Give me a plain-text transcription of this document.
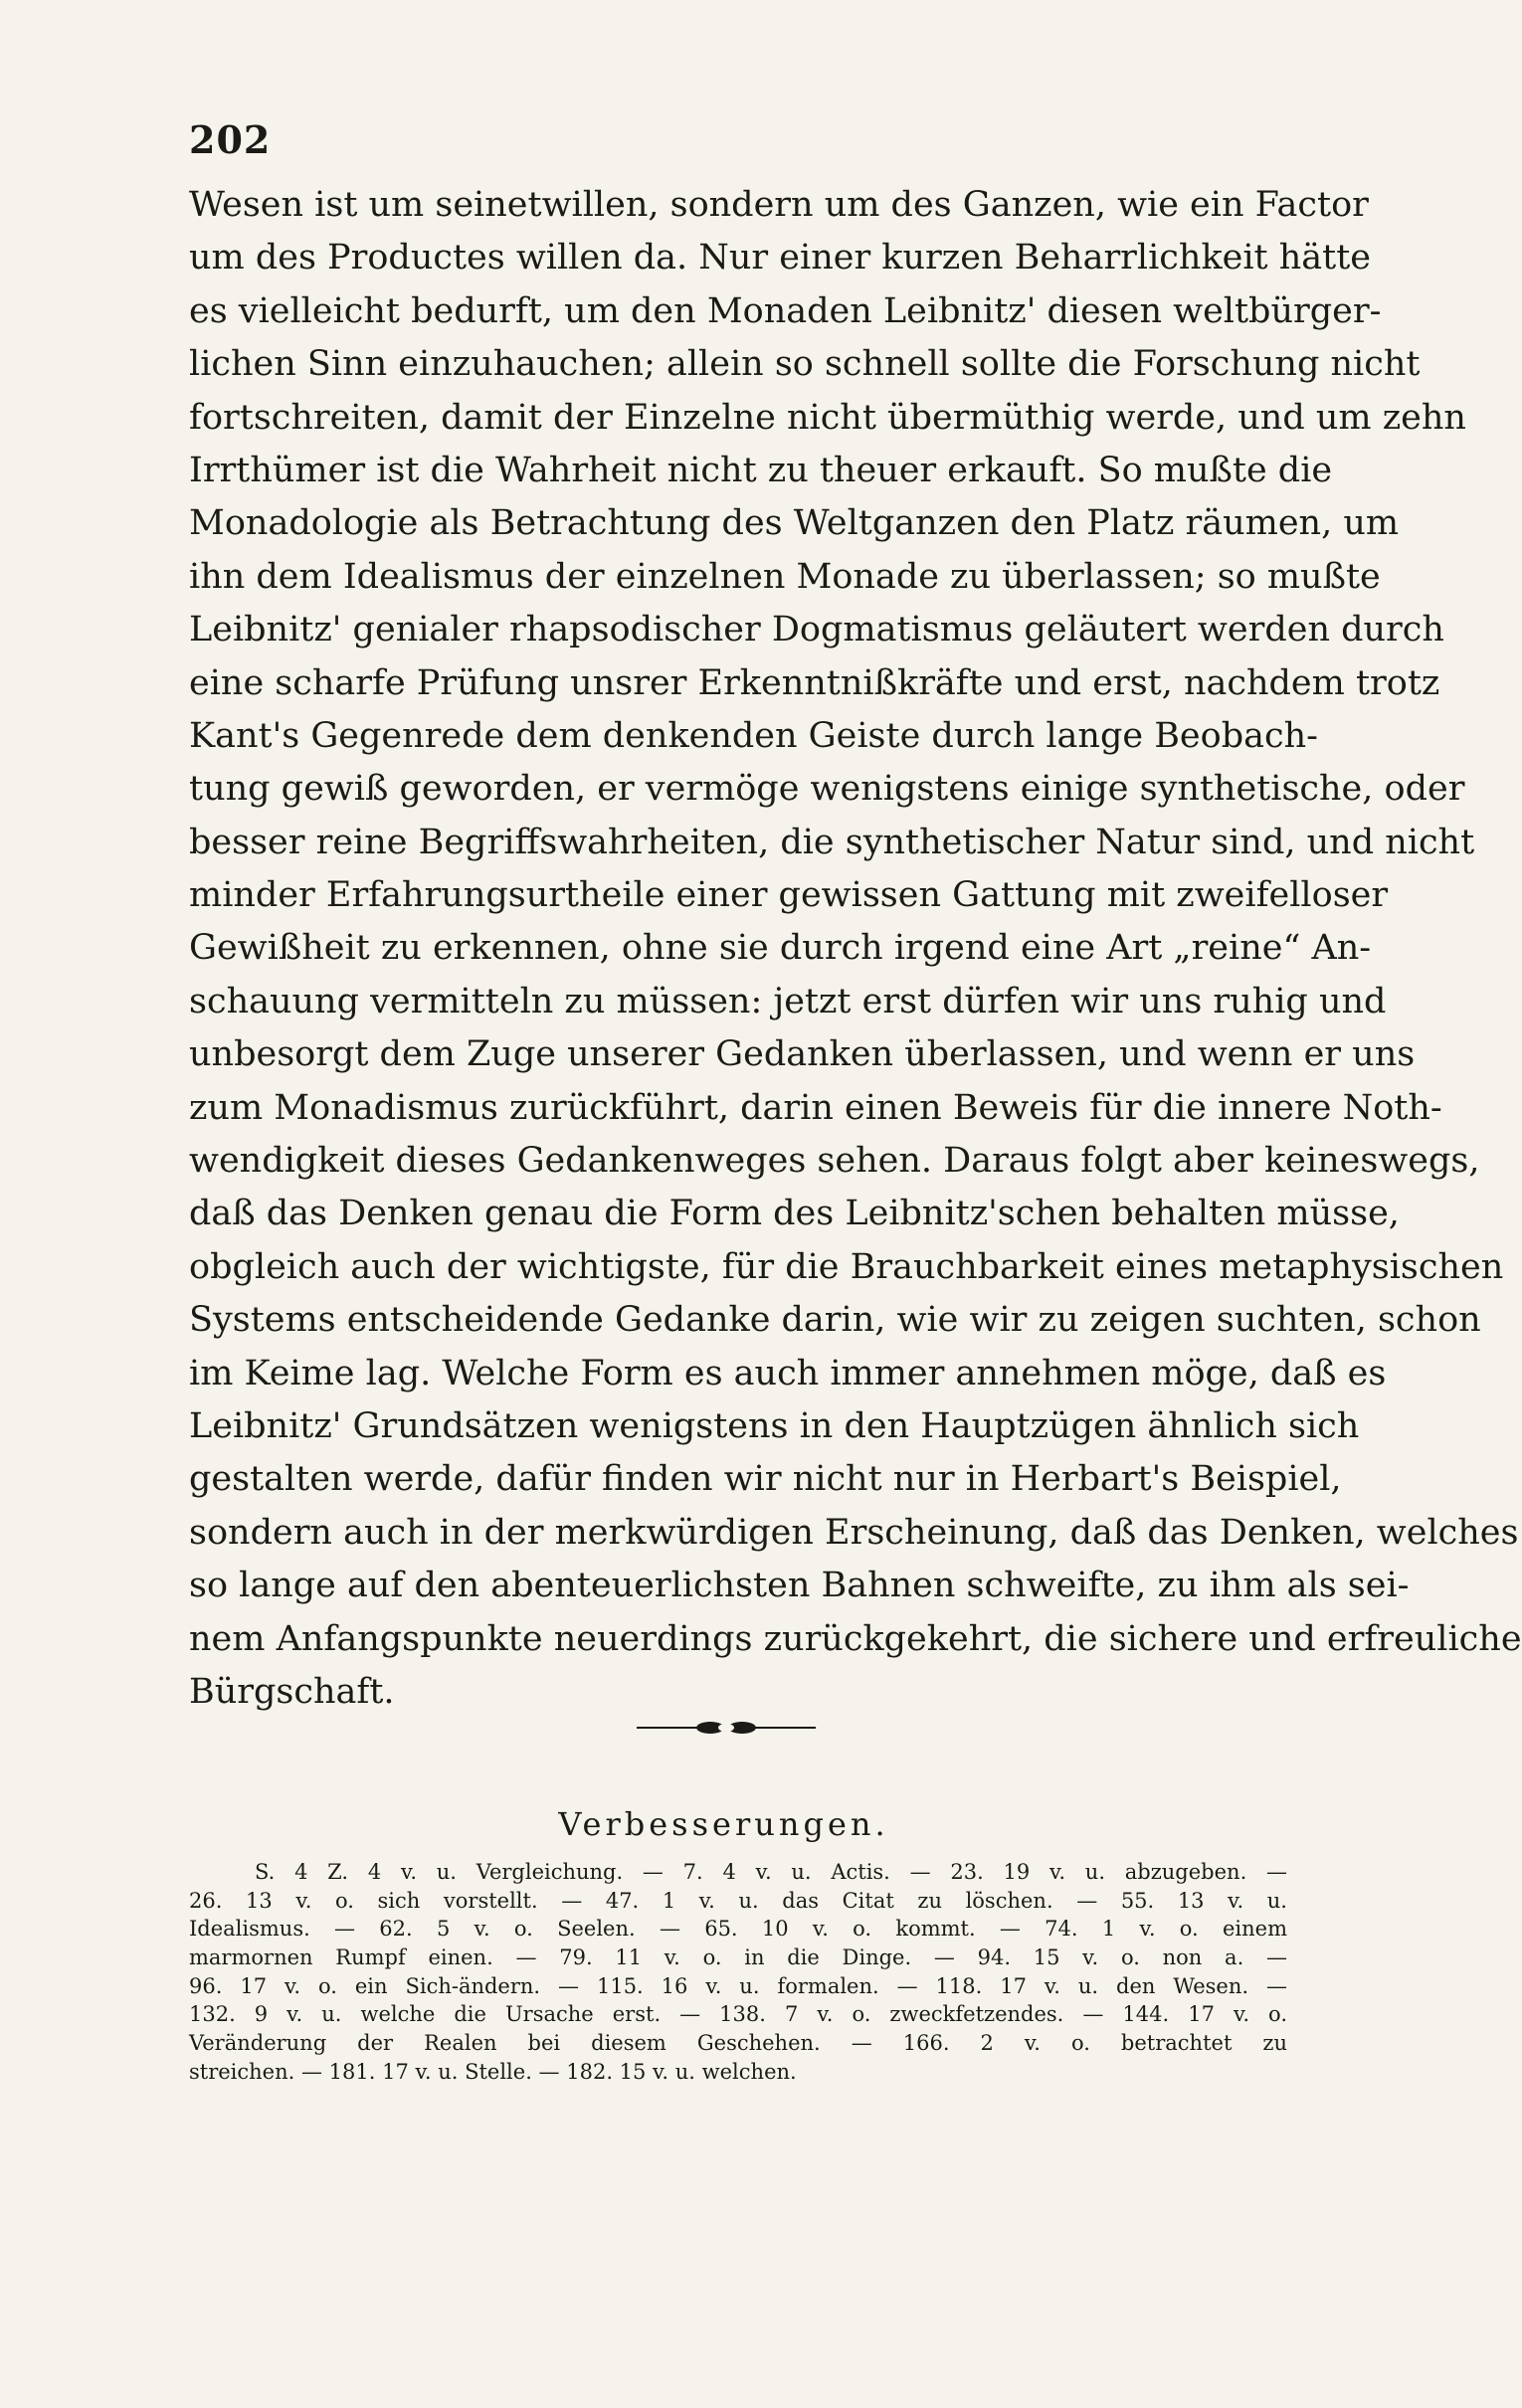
202
Wesen ist um seinetwillen, sondern um des Ganzen, wie ein Factor
um des Productes willen da. Nur einer kurzen Beharrlichkeit hätte
es vielleicht bedurft, um den Monaden Leibnitz' diesen weltbürger-
lichen Sinn einzuhauchen; allein so schnell sollte die Forschung nicht
fortschreiten, damit der Einzelne nicht übermüthig werde, und um zehn
Irrthümer ist die Wahrheit nicht zu theuer erkauft. So mußte die
Monadologie als Betrachtung des Weltganzen den Platz räumen, um
ihn dem Idealismus der einzelnen Monade zu überlassen; so mußte
Leibnitz' genialer rhapsodischer Dogmatismus geläutert werden durch
eine scharfe Prüfung unsrer Erkenntnißkräfte und erst, nachdem trotz
Kant's Gegenrede dem denkenden Geiste durch lange Beobach-
tung gewiß geworden, er vermöge wenigstens einige synthetische, oder
besser reine Begriffswahrheiten, die synthetischer Natur sind, und nicht
minder Erfahrungsurtheile einer gewissen Gattung mit zweifelloser
Gewißheit zu erkennen, ohne sie durch irgend eine Art „reine“ An-
schauung vermitteln zu müssen: jetzt erst dürfen wir uns ruhig und
unbesorgt dem Zuge unserer Gedanken überlassen, und wenn er uns
zum Monadismus zurückführt, darin einen Beweis für die innere Noth-
wendigkeit dieses Gedankenweges sehen. Daraus folgt aber keineswegs,
daß das Denken genau die Form des Leibnitz'schen behalten müsse,
obgleich auch der wichtigste, für die Brauchbarkeit eines metaphysischen
Systems entscheidende Gedanke darin, wie wir zu zeigen suchten, schon
im Keime lag. Welche Form es auch immer annehmen möge, daß es
Leibnitz' Grundsätzen wenigstens in den Hauptzügen ähnlich sich
gestalten werde, dafür finden wir nicht nur in Herbart's Beispiel,
sondern auch in der merkwürdigen Erscheinung, daß das Denken, welches
so lange auf den abenteuerlichsten Bahnen schweifte, zu ihm als sei-
nem Anfangspunkte neuerdings zurückgekehrt, die sichere und erfreuliche
Bürgschaft.
Verbesserungen.
S. 4 Z. 4 v. u. Vergleichung. — 7. 4 v. u. Actis. — 23. 19 v. u. abzugeben. —
26. 13 v. o. sich vorstellt. — 47. 1 v. u. das Citat zu löschen. — 55. 13 v. u.
Idealismus. — 62. 5 v. o. Seelen. — 65. 10 v. o. kommt. — 74. 1 v. o. einem
marmornen Rumpf einen. — 79. 11 v. o. in die Dinge. — 94. 15 v. o. non a. —
96. 17 v. o. ein Sich-ändern. — 115. 16 v. u. formalen. — 118. 17 v. u. den Wesen. —
132. 9 v. u. welche die Ursache erst. — 138. 7 v. o. zweckfetzendes. — 144. 17 v. o.
Veränderung der Realen bei diesem Geschehen. — 166. 2 v. o. betrachtet zu
streichen. — 181. 17 v. u. Stelle. — 182. 15 v. u. welchen.
